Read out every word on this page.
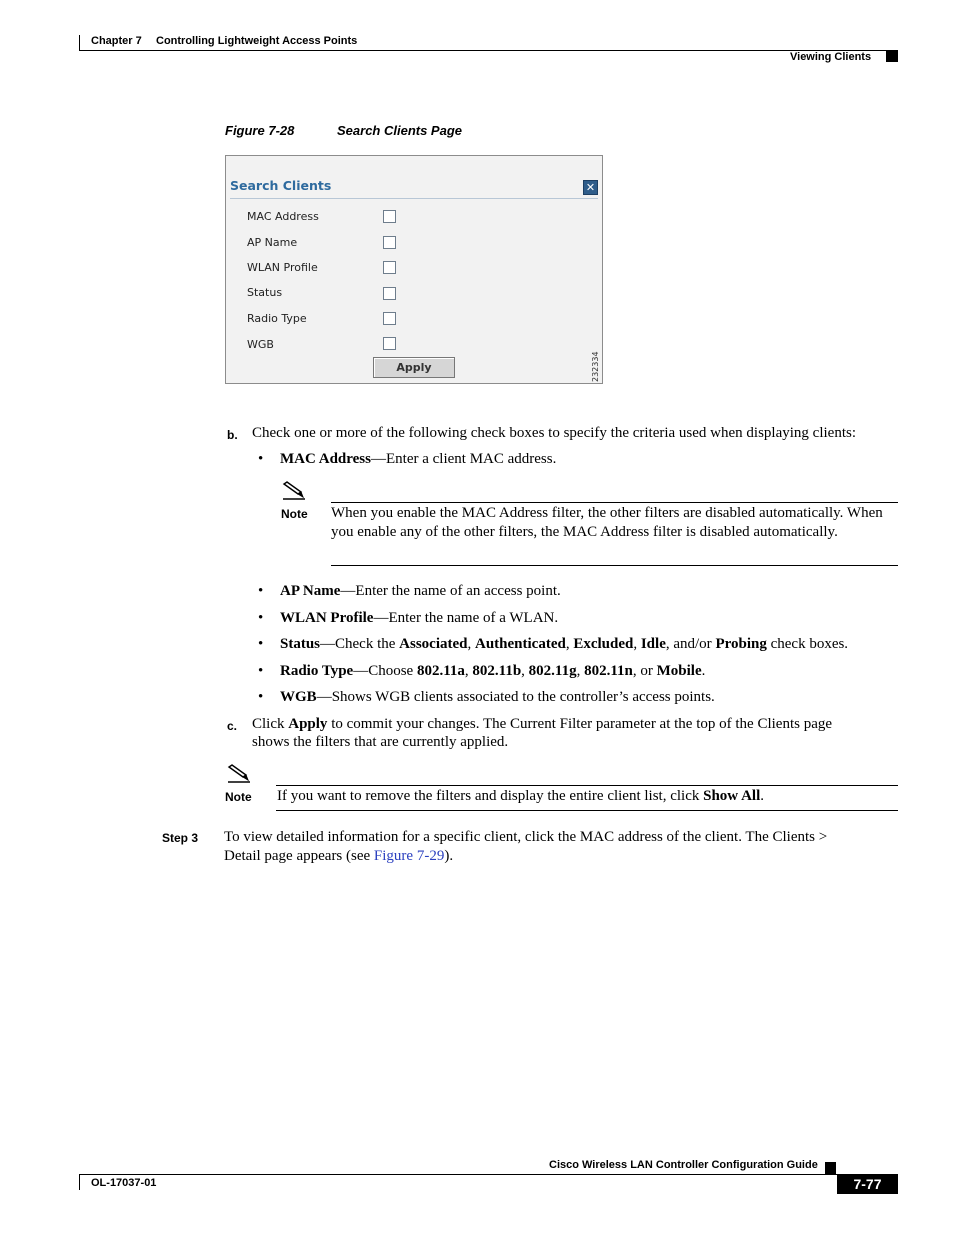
Chapter 7 Controlling Lightweight Access Points
Viewing Clients
Figure 7-28	Search Clients Page
Search Clients	✕
MAC Address
AP Name
WLAN Profile
Status
Radio Type
WGB
Apply	232334
b. Check one or more of the following check boxes to specify the criteria used when displaying clients:
• MAC Address—Enter a client MAC address.
Note When you enable the MAC Address filter, the other filters are disabled automatically. When you enable any of the other filters, the MAC Address filter is disabled automatically.
• AP Name—Enter the name of an access point.
• WLAN Profile—Enter the name of a WLAN.
• Status—Check the Associated, Authenticated, Excluded, Idle, and/or Probing check boxes.
• Radio Type—Choose 802.11a, 802.11b, 802.11g, 802.11n, or Mobile.
• WGB—Shows WGB clients associated to the controller’s access points.
c. Click Apply to commit your changes. The Current Filter parameter at the top of the Clients page
shows the filters that are currently applied.
Note If you want to remove the filters and display the entire client list, click Show All.
Step 3 To view detailed information for a specific client, click the MAC address of the client. The Clients >
Detail page appears (see Figure 7-29).
Cisco Wireless LAN Controller Configuration Guide
OL-17037-01	7-77
